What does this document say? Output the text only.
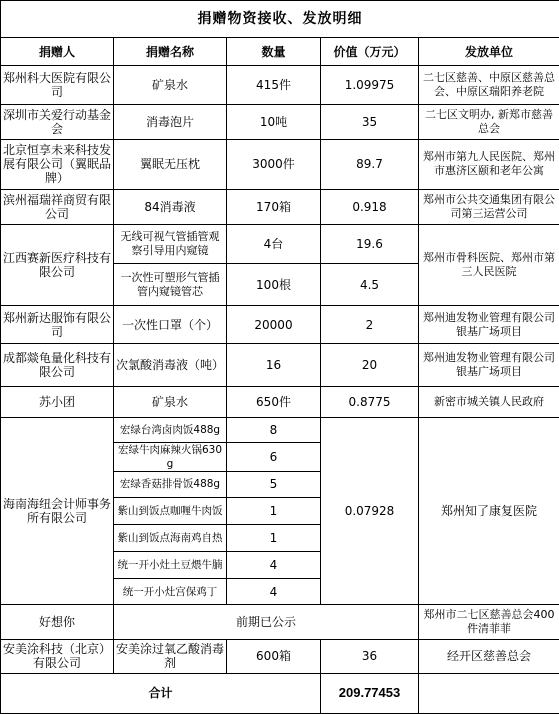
捐赠物资接收、发放明细				
捐赠人	捐赠名称	数量	价值（万元）	发放单位
郑州科大医院有限公司	矿泉水	415件	1.09975	二七区慈善、中原区慈善总会、中原区瑞阳养老院
深圳市关爱行动基金会	消毒泡片	10吨	35	二七区文明办, 新郑市慈善总会
北京恒享未来科技发展有限公司（翼眠品牌）	翼眠无压枕	3000件	89.7	郑州市第九人民医院、郑州市惠济区颐和老年公寓
滨州福瑞祥商贸有限公司	84消毒液	170箱	0.918	郑州市公共交通集团有限公司第三运营公司
江西赛新医疗科技有限公司	无线可视气管插管观察引导用内窥镜	4台	19.6	郑州市骨科医院、郑州市第三人民医院
	一次性可塑形气管插管内窥镜管芯	100根	4.5	
郑州新达服饰有限公司	一次性口罩（个）	20000	2	郑州迪发物业管理有限公司银基广场项目
成都燚龟量化科技有限公司	次氯酸消毒液（吨）	16	20	郑州迪发物业管理有限公司银基广场项目
苏小团	矿泉水	650件	0.8775	新密市城关镇人民政府
海南海纽会计师事务所有限公司	宏绿台湾卤肉饭488g	8	0.07928	郑州知了康复医院
	宏绿牛肉麻辣火锅630g	6		
	宏绿香菇排骨饭488g	5		
	紫山到饭点咖喱牛肉饭	1		
	紫山到饭点海南鸡自热	1		
	统一开小灶土豆煨牛腩	4		
	统一开小灶宫保鸡丁	4		
好想你	前期已公示			郑州市二七区慈善总会400件清菲菲
安美涂科技（北京）有限公司	安美涂过氧乙酸消毒剂	600箱	36	经开区慈善总会
合计			209.77453	
